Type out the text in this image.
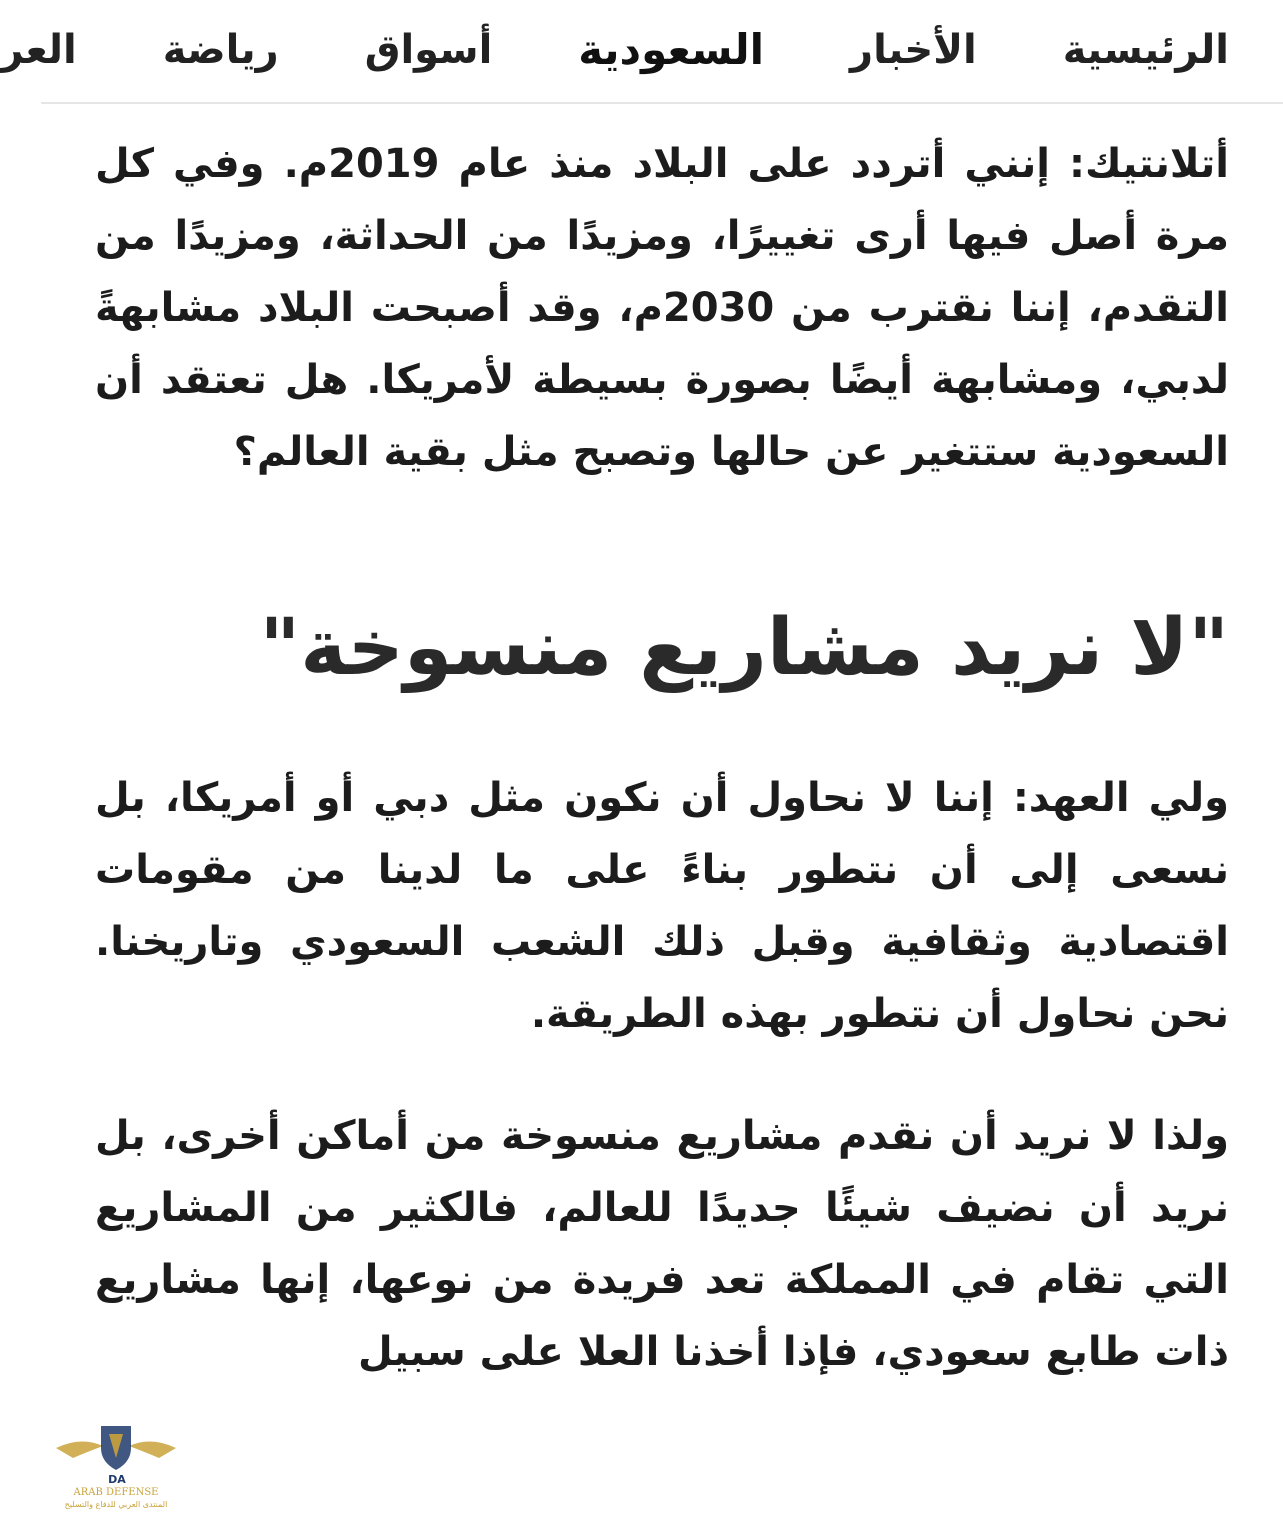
الرئيسية
الأخبار
السعودية
أسواق
رياضة
العر

أتلانتيك: إنني أتردد على البلاد منذ عام 2019م. وفي كل مرة أصل فيها أرى تغييرًا، ومزيدًا من الحداثة، ومزيدًا من التقدم، إننا نقترب من 2030م، وقد أصبحت البلاد مشابهةً لدبي، ومشابهة أيضًا بصورة بسيطة لأمريكا. هل تعتقد أن السعودية ستتغير عن حالها وتصبح مثل بقية العالم؟

"لا نريد مشاريع منسوخة"

ولي العهد: إننا لا نحاول أن نكون مثل دبي أو أمريكا، بل نسعى إلى أن نتطور بناءً على ما لدينا من مقومات اقتصادية وثقافية وقبل ذلك الشعب السعودي وتاريخنا. نحن نحاول أن نتطور بهذه الطريقة.

ولذا لا نريد أن نقدم مشاريع منسوخة من أماكن أخرى، بل نريد أن نضيف شيئًا جديدًا للعالم، فالكثير من المشاريع التي تقام في المملكة تعد فريدة من نوعها، إنها مشاريع ذات طابع سعودي، فإذا أخذنا العلا على سبيل

DA
ARAB DEFENSE
المنتدى العربي للدفاع والتسليح
